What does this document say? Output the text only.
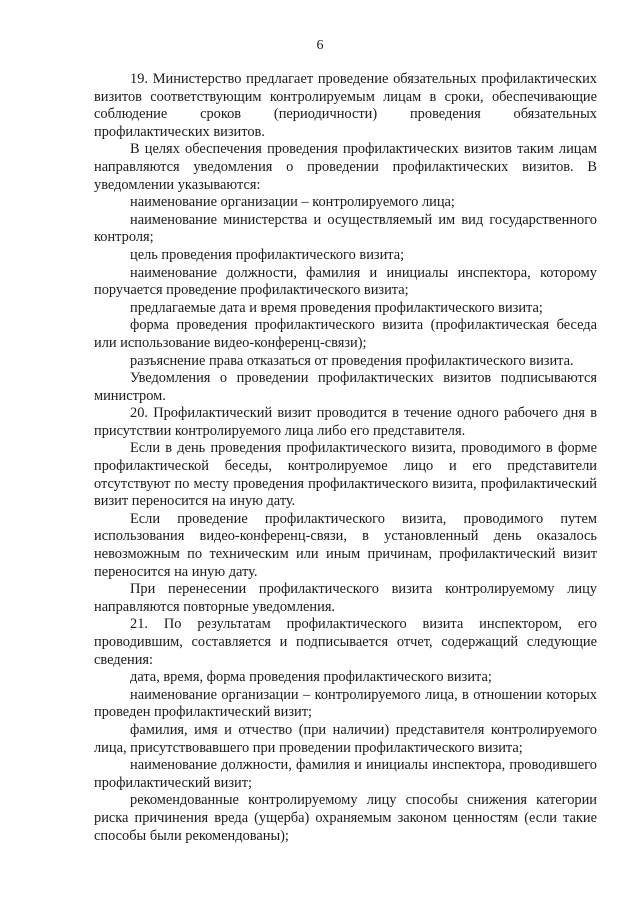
6

19. Министерство предлагает проведение обязательных профилактических визитов соответствующим контролируемым лицам в сроки, обеспечивающие соблюдение сроков (периодичности) проведения обязательных профилактических визитов.

В целях обеспечения проведения профилактических визитов таким лицам направляются уведомления о проведении профилактических визитов. В уведомлении указываются:

наименование организации – контролируемого лица;

наименование министерства и осуществляемый им вид государственного контроля;

цель проведения профилактического визита;

наименование должности, фамилия и инициалы инспектора, которому поручается проведение профилактического визита;

предлагаемые дата и время проведения профилактического визита;

форма проведения профилактического визита (профилактическая беседа или использование видео-конференц-связи);

разъяснение права отказаться от проведения профилактического визита.

Уведомления о проведении профилактических визитов подписываются министром.

20. Профилактический визит проводится в течение одного рабочего дня в присутствии контролируемого лица либо его представителя.

Если в день проведения профилактического визита, проводимого в форме профилактической беседы, контролируемое лицо и его представители отсутствуют по месту проведения профилактического визита, профилактический визит переносится на иную дату.

Если проведение профилактического визита, проводимого путем использования видео-конференц-связи, в установленный день оказалось невозможным по техническим или иным причинам, профилактический визит переносится на иную дату.

При перенесении профилактического визита контролируемому лицу направляются повторные уведомления.

21. По результатам профилактического визита инспектором, его проводившим, составляется и подписывается отчет, содержащий следующие сведения:

дата, время, форма проведения профилактического визита;

наименование организации – контролируемого лица, в отношении которых проведен профилактический визит;

фамилия, имя и отчество (при наличии) представителя контролируемого лица, присутствовавшего при проведении профилактического визита;

наименование должности, фамилия и инициалы инспектора, проводившего профилактический визит;

рекомендованные контролируемому лицу способы снижения категории риска причинения вреда (ущерба) охраняемым законом ценностям (если такие способы были рекомендованы);
